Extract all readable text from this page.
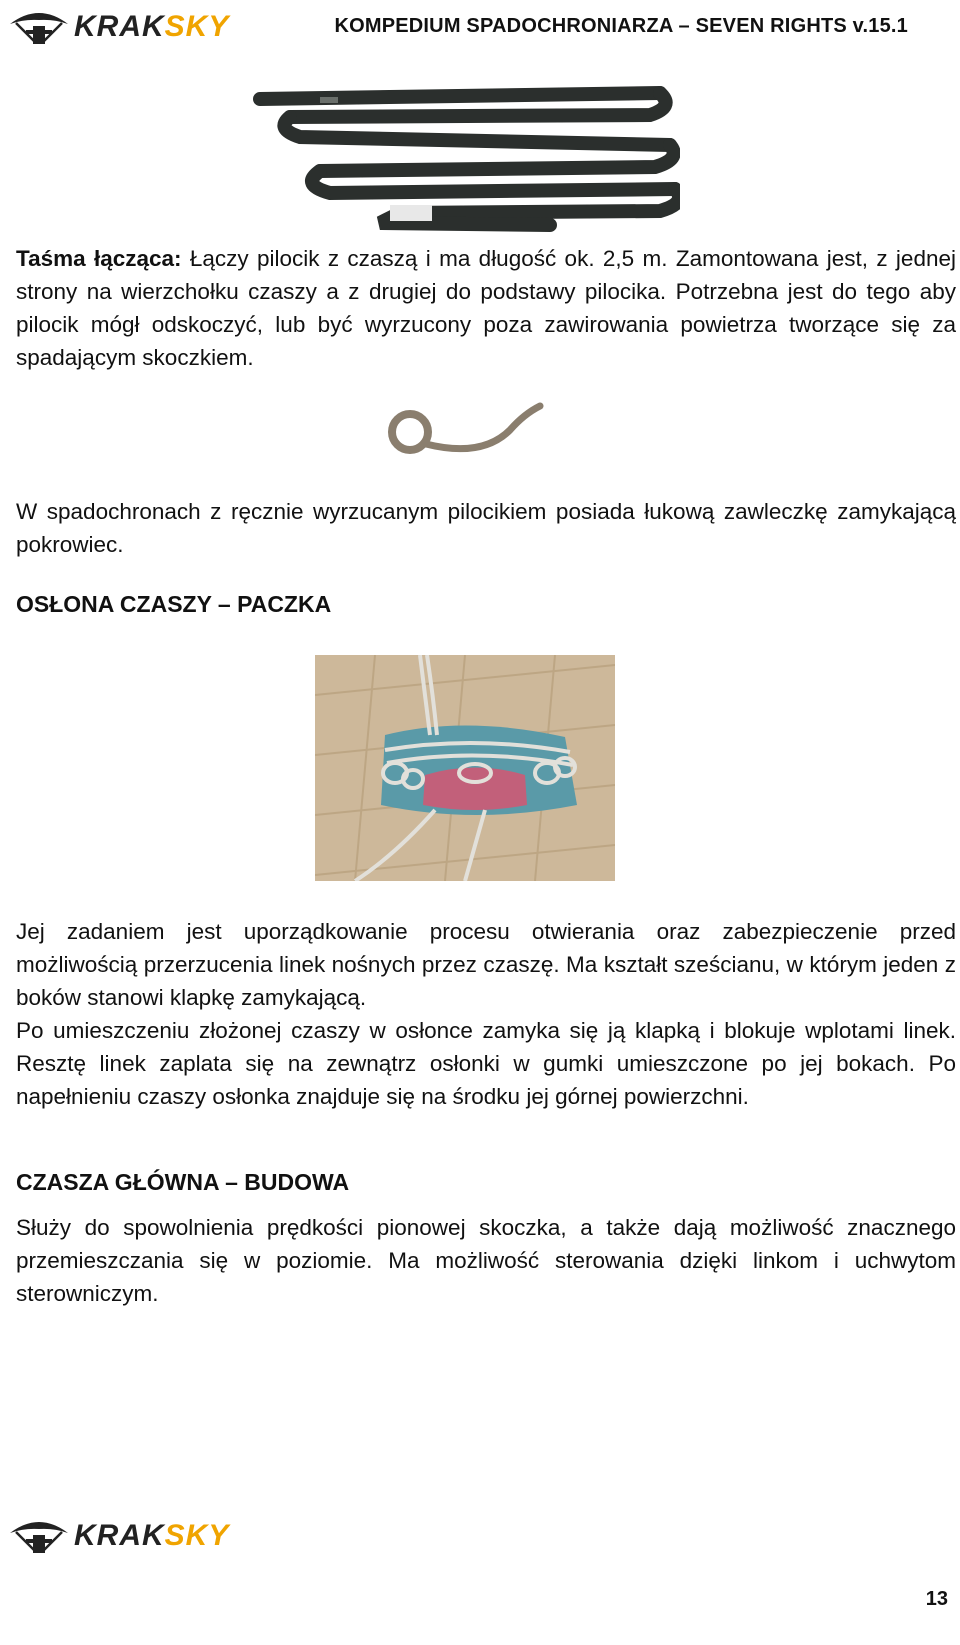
KRAKSKY	KOMPEDIUM SPADOCHRONIARZA – SEVEN RIGHTS v.15.1

Taśma łącząca: Łączy pilocik z czaszą i ma długość ok. 2,5 m. Zamontowana jest, z jednej strony na wierzchołku czaszy a z drugiej do podstawy pilocika. Potrzebna jest do tego aby pilocik mógł odskoczyć, lub być wyrzucony poza zawirowania powietrza tworzące się za spadającym skoczkiem.

W spadochronach z ręcznie wyrzucanym pilocikiem posiada łukową zawleczkę zamykającą pokrowiec.

OSŁONA CZASZY – PACZKA

Jej zadaniem jest uporządkowanie procesu otwierania oraz zabezpieczenie przed możliwością przerzucenia linek nośnych przez czaszę. Ma kształt sześcianu, w którym jeden z boków stanowi klapkę zamykającą.

Po umieszczeniu złożonej czaszy w osłonce zamyka się ją klapką i blokuje wplotami linek. Resztę linek zaplata się na zewnątrz osłonki w gumki umieszczone po jej bokach. Po napełnieniu czaszy osłonka znajduje się na środku jej górnej powierzchni.

CZASZA GŁÓWNA – BUDOWA

Służy do spowolnienia prędkości pionowej skoczka, a także dają możliwość znacznego przemieszczania się w poziomie. Ma możliwość sterowania dzięki linkom i uchwytom sterowniczym.

KRAKSKY
13
